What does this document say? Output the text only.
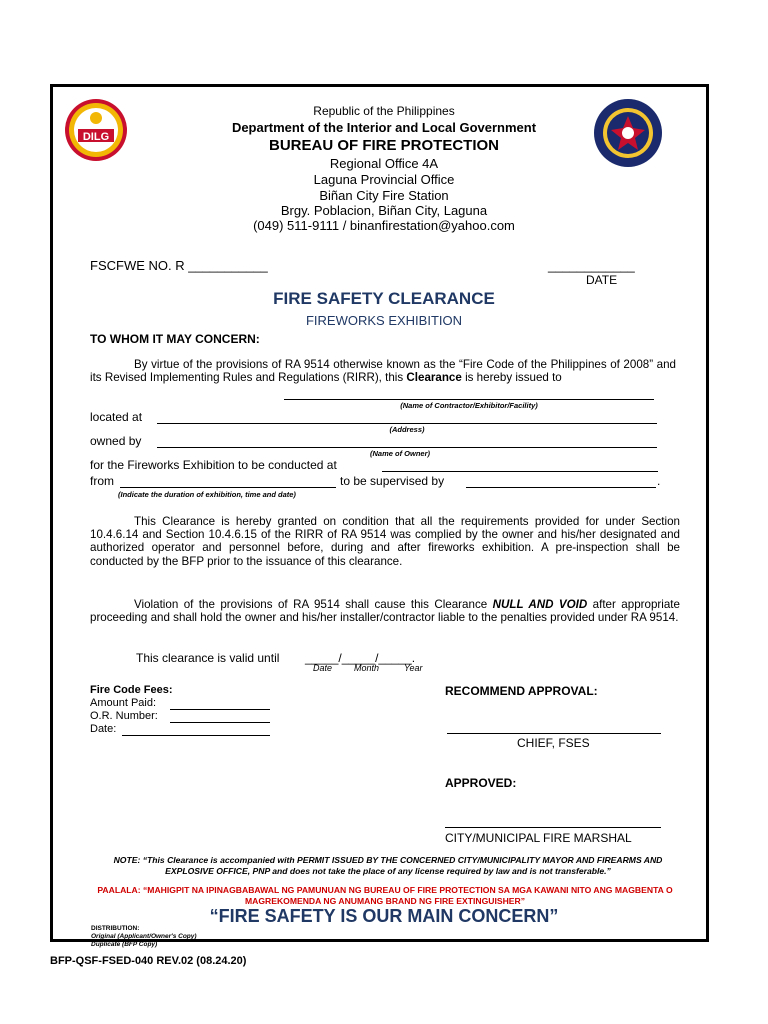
DILG
Republic of the Philippines
Department of the Interior and Local Government
BUREAU OF FIRE PROTECTION
Regional Office 4A
Laguna Provincial Office
Biñan City Fire Station
Brgy. Poblacion, Biñan City, Laguna
(049) 511-9111 / binanfirestation@yahoo.com
FSCFWE NO. R ___________	____________
DATE
FIRE SAFETY CLEARANCE
FIREWORKS EXHIBITION
TO WHOM IT MAY CONCERN:
By virtue of the provisions of RA 9514 otherwise known as the “Fire Code of the Philippines of 2008” and its Revised Implementing Rules and Regulations (RIRR), this Clearance is hereby issued to
(Name of Contractor/Exhibitor/Facility)
located at
(Address)
owned by
(Name of Owner)
for the Fireworks Exhibition to be conducted at
from	to be supervised by	.
(Indicate the duration of exhibition, time and date)
This Clearance is hereby granted on condition that all the requirements provided for under Section 10.4.6.14 and Section 10.4.6.15 of the RIRR of RA 9514 was complied by the owner and his/her designated and authorized operator and personnel before, during and after fireworks exhibition. A pre-inspection shall be conducted by the BFP prior to the issuance of this clearance.
Violation of the provisions of RA 9514 shall cause this Clearance NULL AND VOID after appropriate proceeding and shall hold the owner and his/her installer/contractor liable to the penalties provided under RA 9514.
This clearance is valid until _____/_____/_____.
Date Month	Year
Fire Code Fees:
Amount Paid:
O.R. Number:
Date:
RECOMMEND APPROVAL:
CHIEF, FSES
APPROVED:
CITY/MUNICIPAL FIRE MARSHAL
NOTE: “This Clearance is accompanied with PERMIT ISSUED BY THE CONCERNED CITY/MUNICIPALITY MAYOR AND FIREARMS AND EXPLOSIVE OFFICE, PNP and does not take the place of any license required by law and is not transferable.”
PAALALA: “MAHIGPIT NA IPINAGBABAWAL NG PAMUNUAN NG BUREAU OF FIRE PROTECTION SA MGA KAWANI NITO ANG MAGBENTA O MAGREKOMENDA NG ANUMANG BRAND NG FIRE EXTINGUISHER”
“FIRE SAFETY IS OUR MAIN CONCERN”
DISTRIBUTION:
Original (Applicant/Owner's Copy)
Duplicate (BFP Copy)
BFP-QSF-FSED-040 REV.02 (08.24.20)
